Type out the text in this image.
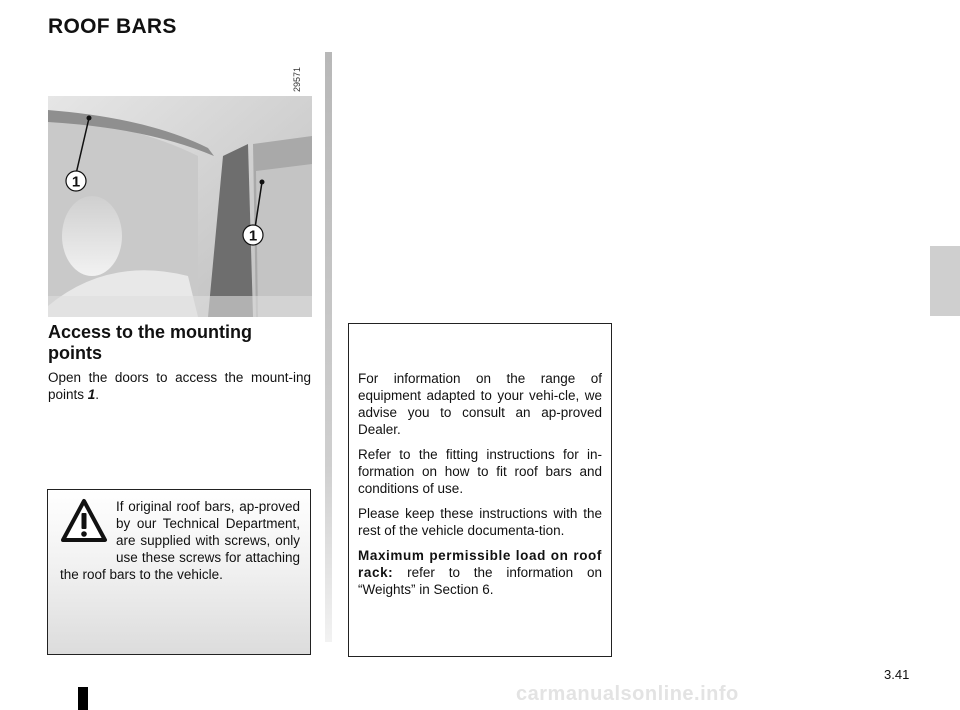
ROOF BARS
29571
1
1
Access to the mounting points
Open the doors to access the mount-ing points 1.
If original roof bars, ap-proved by our Technical Department, are supplied with screws, only use these screws for attaching the roof bars to the vehicle.

For information on the range of equipment adapted to your vehi-cle, we advise you to consult an ap-proved Dealer.

Refer to the fitting instructions for in-formation on how to fit roof bars and conditions of use.

Please keep these instructions with the rest of the vehicle documenta-tion.

Maximum permissible load on roof rack: refer to the information on “Weights” in Section 6.

3.41
carmanualsonline.info
